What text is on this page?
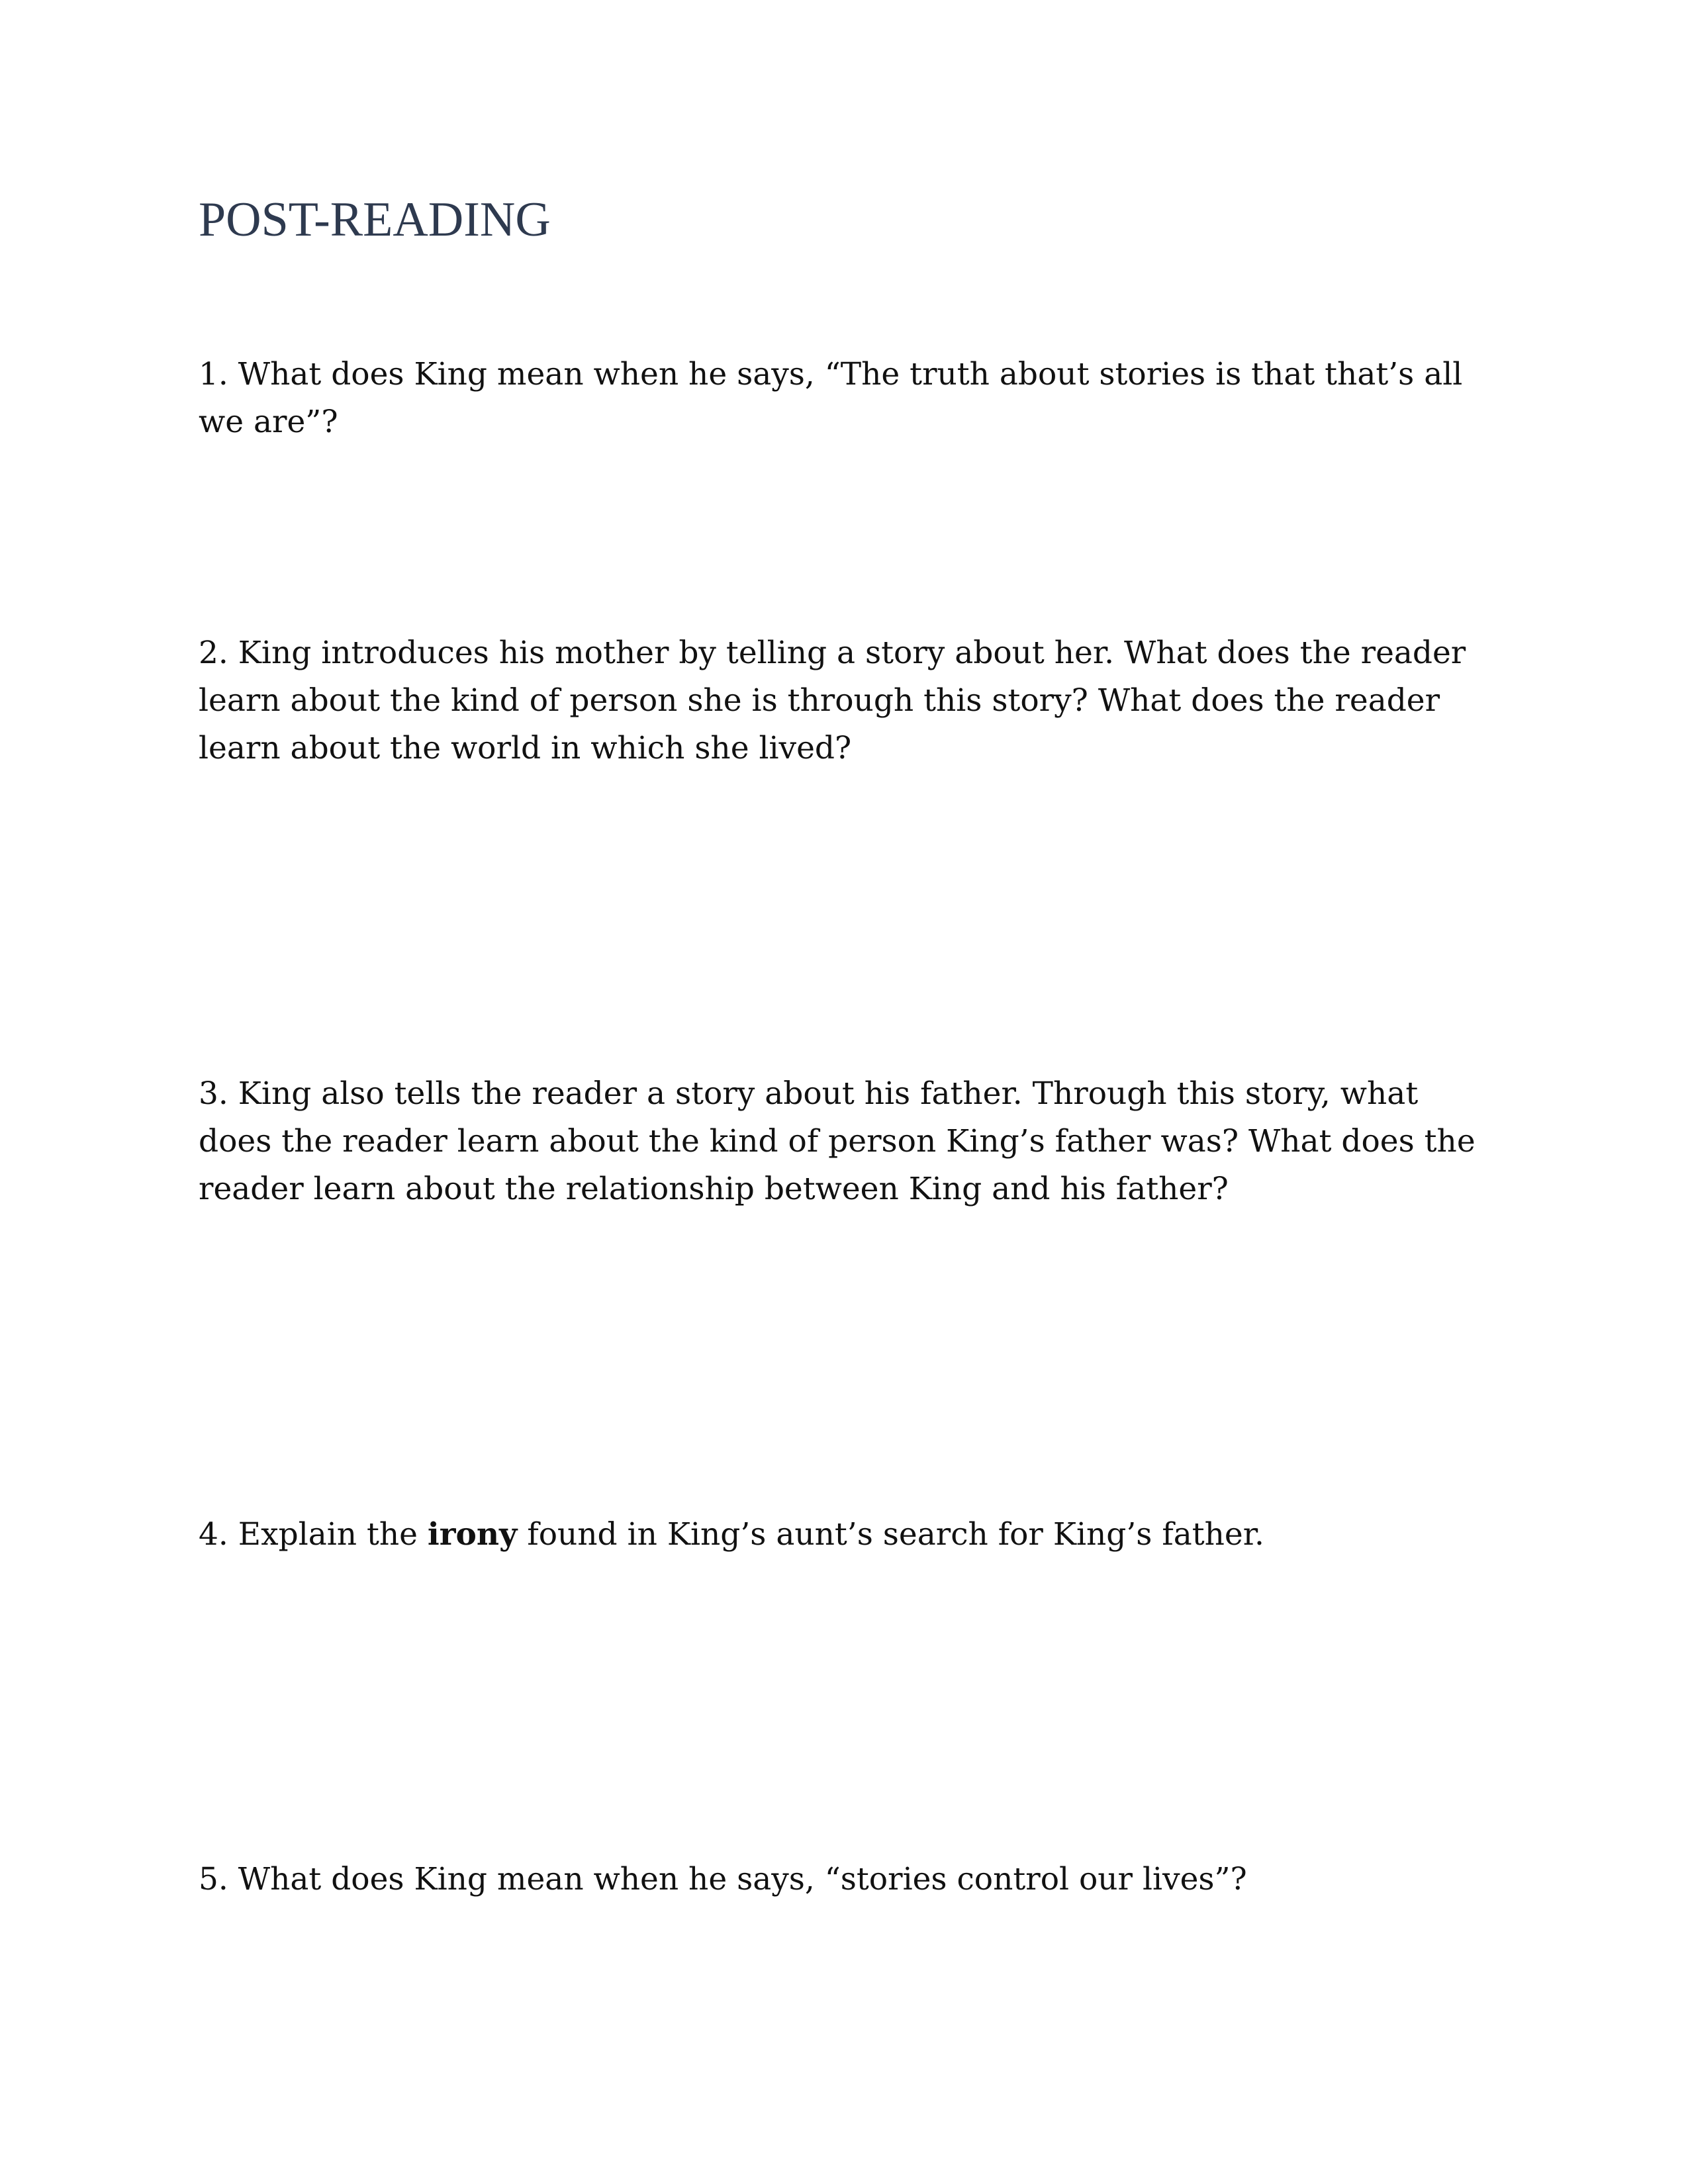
POST-READING

1. What does King mean when he says, “The truth about stories is that that’s all we are”?

2. King introduces his mother by telling a story about her. What does the reader learn about the kind of person she is through this story? What does the reader learn about the world in which she lived?

3. King also tells the reader a story about his father. Through this story, what does the reader learn about the kind of person King’s father was? What does the reader learn about the relationship between King and his father?

4. Explain the irony found in King’s aunt’s search for King’s father.

5. What does King mean when he says, “stories control our lives”?
